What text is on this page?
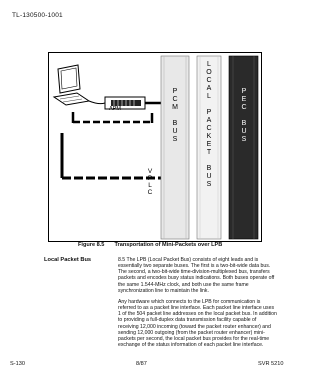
TL-130500-1001
APM
P
C
M
B
U
S
L
O
C
A
L
P
A
C
K
E
T
B
U
S
P
E
C
B
U
S
V
P
L
C
Figure 8.5 Transportation of Mini-Packets over LPB
Local Packet Bus	8.5 The LPB (Local Packet Bus) consists of eight leads and is essentially two separate buses. The first is a two-bit-wide data bus. The second, a two-bit-wide time-division-multiplexed bus, transfers packets and encodes busy status indications. Both buses operate off the same 1.544-MHz clock, and both use the same frame synchronization line to maintain the link.

Any hardware which connects to the LPB for communication is referred to as a packet line interface. Each packet line interface uses 1 of the 504 packet line addresses on the local packet bus. In addition to providing a full-duplex data transmission facility capable of receiving 12,000 incoming (toward the packet router enhancer) and sending 12,000 outgoing (from the packet router enhancer) mini-packets per second, the local packet bus provides for the real-time exchange of the status information of each packet line interface.

S-130	8/87	SVR 5210
